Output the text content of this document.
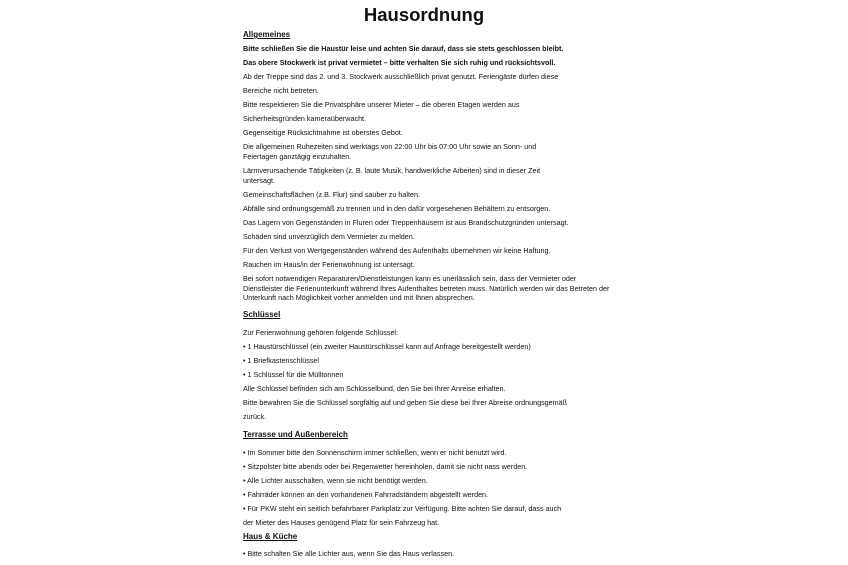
Hausordnung
Allgemeines
Bitte schließen Sie die Haustür leise und achten Sie darauf, dass sie stets geschlossen bleibt.
Das obere Stockwerk ist privat vermietet – bitte verhalten Sie sich ruhig und rücksichtsvoll.
Ab der Treppe sind das 2. und 3. Stockwerk ausschließlich privat genutzt. Feriengäste dürfen diese
Bereiche nicht betreten.
Bitte respektieren Sie die Privatsphäre unserer Mieter – die oberen Etagen werden aus
Sicherheitsgründen kameraüberwacht.
Gegenseitige Rücksichtnahme ist oberstes Gebot.
Die allgemeinen Ruhezeiten sind werktags von 22:00 Uhr bis 07:00 Uhr sowie an Sonn- und
Feiertagen ganztägig einzuhalten.
Lärmverursachende Tätigkeiten (z. B. laute Musik, handwerkliche Arbeiten) sind in dieser Zeit
untersagt.
Gemeinschaftsflächen (z.B. Flur) sind sauber zu halten.
Abfälle sind ordnungsgemäß zu trennen und in den dafür vorgesehenen Behältern zu entsorgen.
Das Lagern von Gegenständen in Fluren oder Treppenhäusern ist aus Brandschutzgründen untersagt.
Schäden sind unverzüglich dem Vermieter zu melden.
Für den Verlust von Wertgegenständen während des Aufenthalts übernehmen wir keine Haftung.
Rauchen im Haus/in der Ferienwohnung ist untersagt.
Bei sofort notwendigen Reparaturen/Dienstleistungen kann es unerlässlich sein, dass der Vermieter oder Dienstleister die Ferienunterkunft während Ihres Aufenthaltes betreten muss. Natürlich werden wir das Betreten der Unterkunft nach Möglichkeit vorher anmelden und mit Ihnen absprechen.
Schlüssel
Zur Ferienwohnung gehören folgende Schlüssel:
• 1 Haustürschlüssel (ein zweiter Haustürschlüssel kann auf Anfrage bereitgestellt werden)
• 1 Briefkastenschlüssel
• 1 Schlüssel für die Mülltonnen
Alle Schlüssel befinden sich am Schlüsselbund, den Sie bei Ihrer Anreise erhalten.
Bitte bewahren Sie die Schlüssel sorgfältig auf und geben Sie diese bei Ihrer Abreise ordnungsgemäß
zurück.
Terrasse und Außenbereich
• Im Sommer bitte den Sonnenschirm immer schließen, wenn er nicht benutzt wird.
• Sitzpolster bitte abends oder bei Regenwetter hereinholen, damit sie nicht nass werden.
• Alle Lichter ausschalten, wenn sie nicht benötigt werden.
• Fahrräder können an den vorhandenen Fahrradständern abgestellt werden.
• Für PKW steht ein seitlich befahrbarer Parkplatz zur Verfügung. Bitte achten Sie darauf, dass auch
der Mieter des Hauses genügend Platz für sein Fahrzeug hat.
Haus & Küche
• Bitte schalten Sie alle Lichter aus, wenn Sie das Haus verlassen.
